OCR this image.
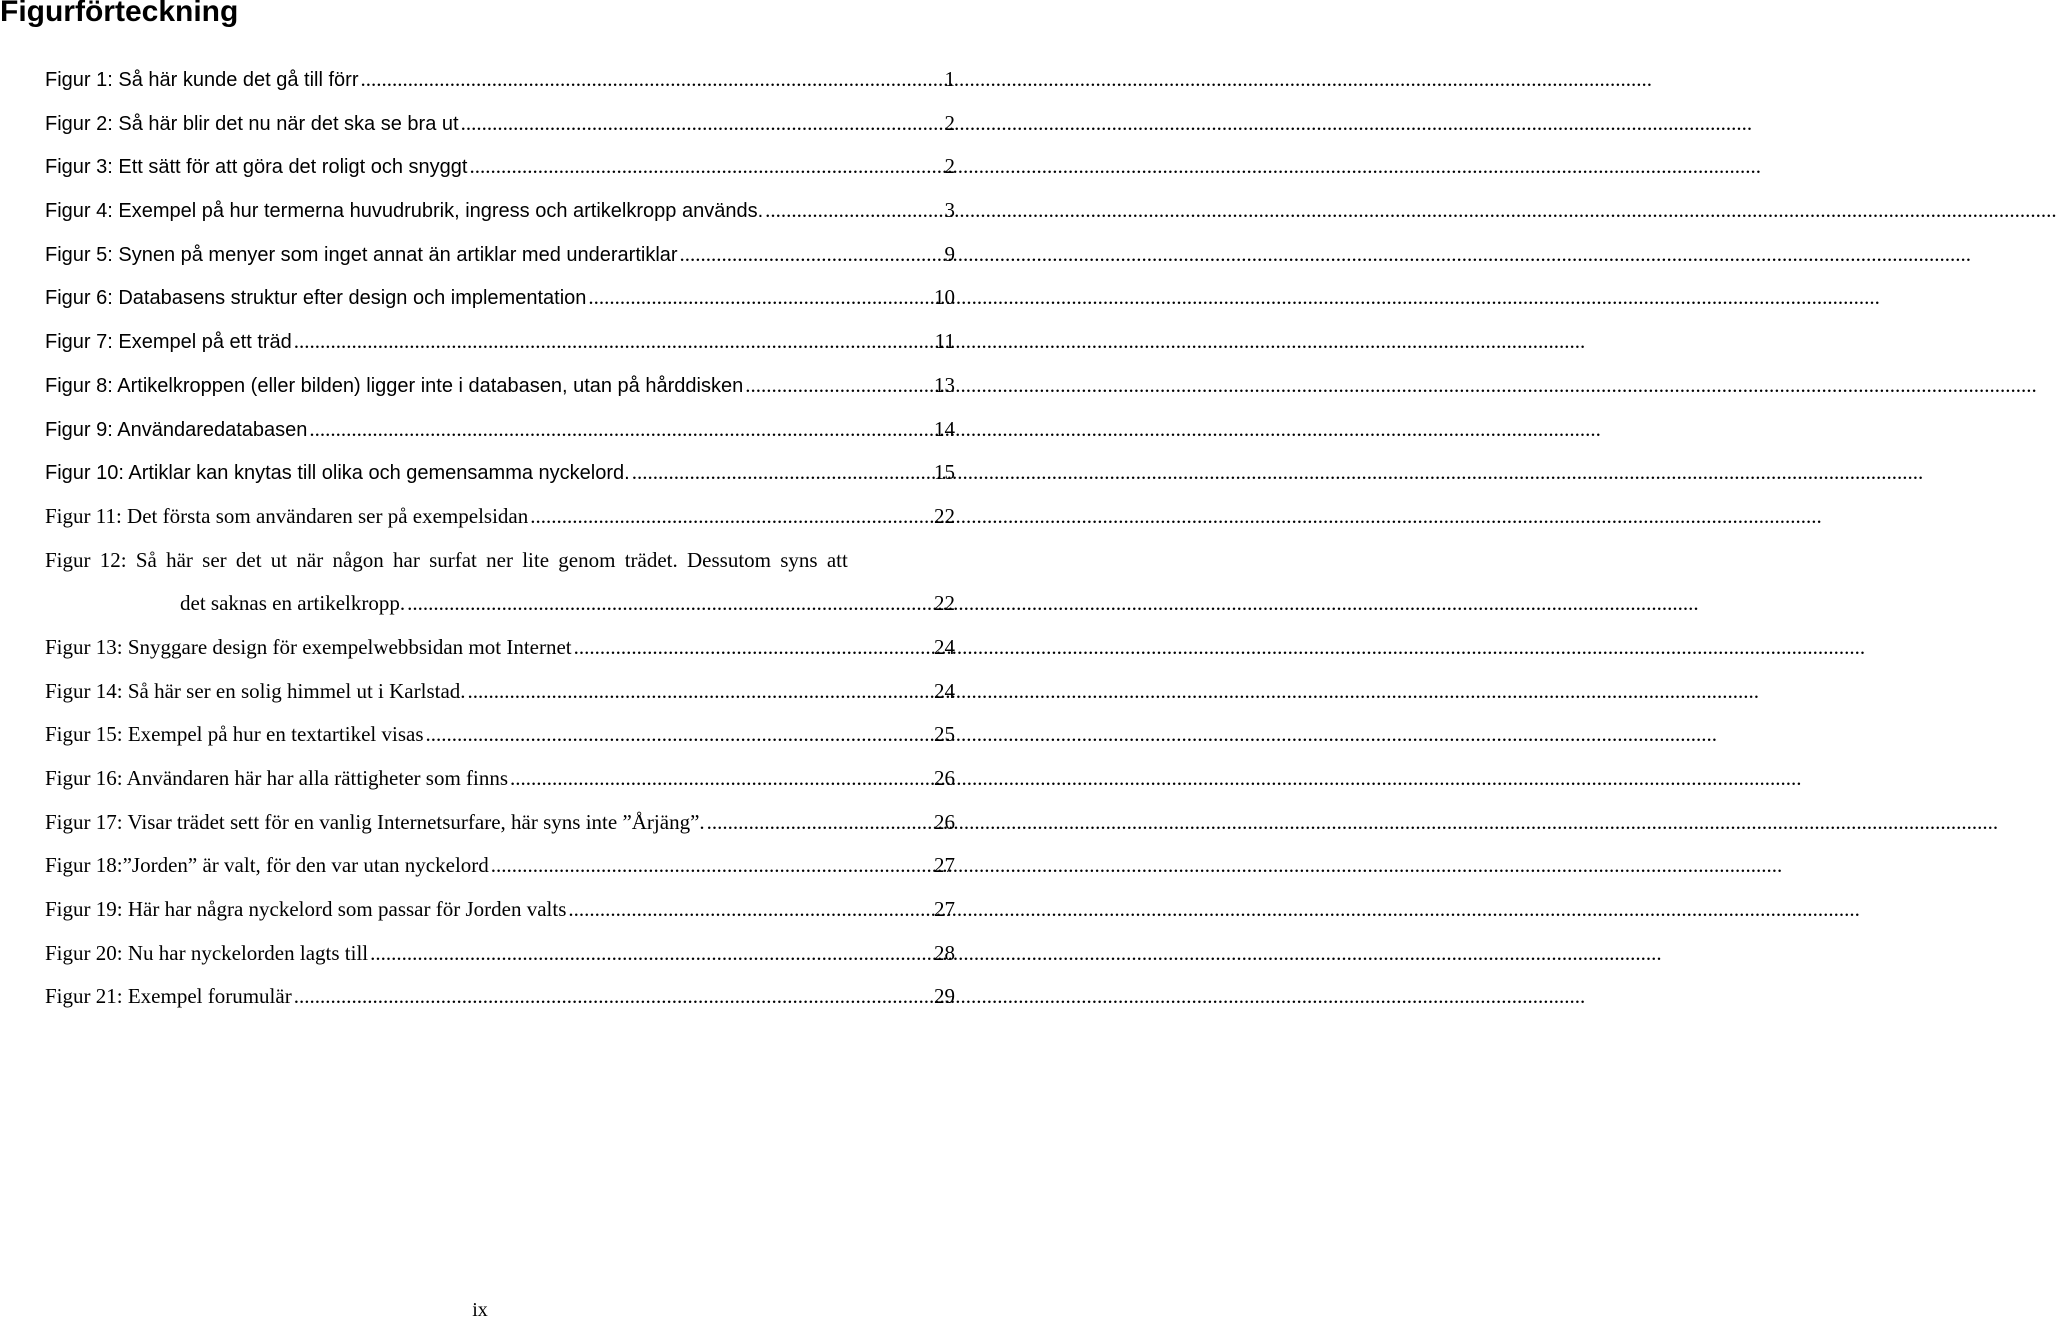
Figurförteckning
Figur 1: Så här kunde det gå till förr .....	1
Figur 2: Så här blir det nu när det ska se bra ut .....	2
Figur 3: Ett sätt för att göra det roligt och snyggt .....	2
Figur 4: Exempel på hur termerna huvudrubrik, ingress och artikelkropp används. .....	3
Figur 5: Synen på menyer som inget annat än artiklar med underartiklar .....	9
Figur 6: Databasens struktur efter design och implementation .....	10
Figur 7: Exempel på ett träd .....	11
Figur 8: Artikelkroppen (eller bilden) ligger inte i databasen, utan på hårddisken .....	13
Figur 9: Användaredatabasen .....	14
Figur 10: Artiklar kan knytas till olika och gemensamma nyckelord. .....	15
Figur 11: Det första som användaren ser på exempelsidan .....	22
Figur 12: Så här ser det ut när någon har surfat ner lite genom trädet. Dessutom syns att
det saknas en artikelkropp. .....	22
Figur 13: Snyggare design för exempelwebbsidan mot Internet .....	24
Figur 14: Så här ser en solig himmel ut i Karlstad. .....	24
Figur 15: Exempel på hur en textartikel visas .....	25
Figur 16: Användaren här har alla rättigheter som finns .....	26
Figur 17: Visar trädet sett för en vanlig Internetsurfare, här syns inte ”Årjäng”. .....	26
Figur 18:”Jorden” är valt, för den var utan nyckelord .....	27
Figur 19: Här har några nyckelord som passar för Jorden valts .....	27
Figur 20: Nu har nyckelorden lagts till .....	28
Figur 21: Exempel forumulär .....	29
ix
